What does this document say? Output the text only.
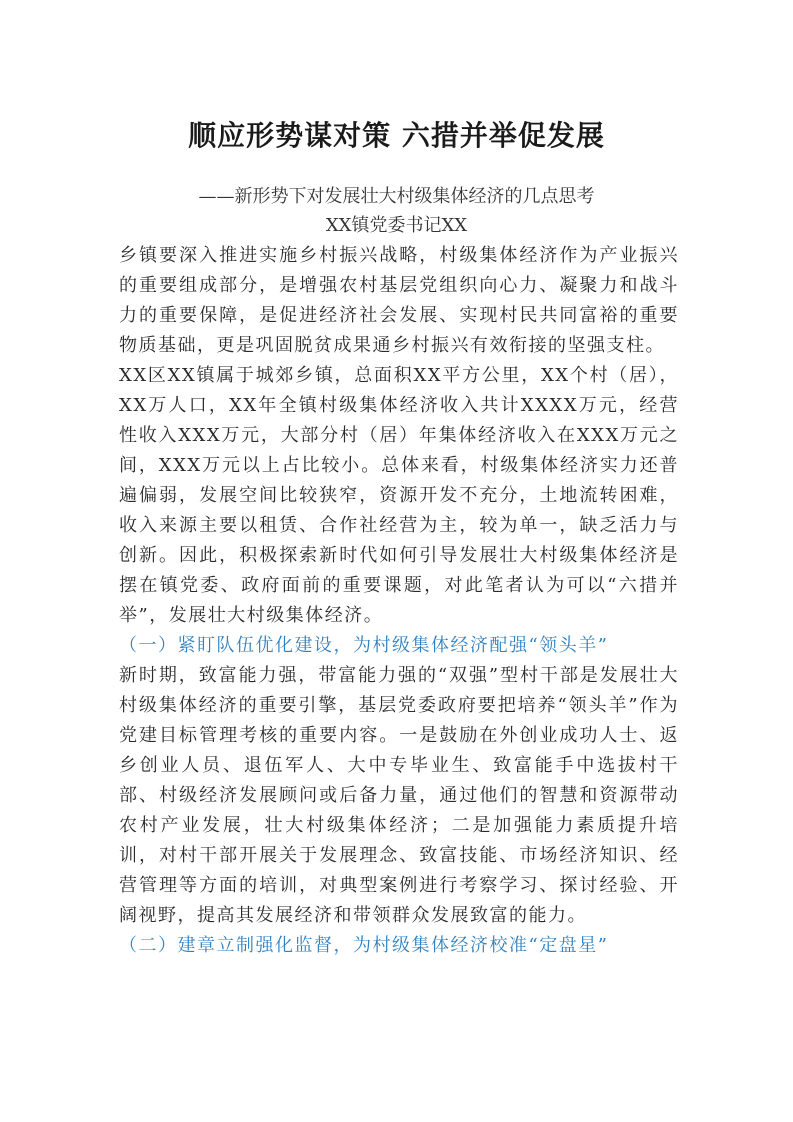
顺应形势谋对策 六措并举促发展
——新形势下对发展壮大村级集体经济的几点思考
XX镇党委书记XX

乡镇要深入推进实施乡村振兴战略，村级集体经济作为产业振兴的重要组成部分，是增强农村基层党组织向心力、凝聚力和战斗力的重要保障，是促进经济社会发展、实现村民共同富裕的重要物质基础，更是巩固脱贫成果通乡村振兴有效衔接的坚强支柱。

XX区XX镇属于城郊乡镇，总面积XX平方公里，XX个村（居），XX万人口，XX年全镇村级集体经济收入共计XXXX万元，经营性收入XXX万元，大部分村（居）年集体经济收入在XXX万元之间，XXX万元以上占比较小。总体来看，村级集体经济实力还普遍偏弱，发展空间比较狭窄，资源开发不充分，土地流转困难，收入来源主要以租赁、合作社经营为主，较为单一，缺乏活力与创新。因此，积极探索新时代如何引导发展壮大村级集体经济是摆在镇党委、政府面前的重要课题，对此笔者认为可以“六措并举”，发展壮大村级集体经济。

（一）紧盯队伍优化建设，为村级集体经济配强“领头羊”

新时期，致富能力强，带富能力强的“双强”型村干部是发展壮大村级集体经济的重要引擎，基层党委政府要把培养“领头羊”作为党建目标管理考核的重要内容。一是鼓励在外创业成功人士、返乡创业人员、退伍军人、大中专毕业生、致富能手中选拔村干部、村级经济发展顾问或后备力量，通过他们的智慧和资源带动农村产业发展，壮大村级集体经济；二是加强能力素质提升培训，对村干部开展关于发展理念、致富技能、市场经济知识、经营管理等方面的培训，对典型案例进行考察学习、探讨经验、开阔视野，提高其发展经济和带领群众发展致富的能力。

（二）建章立制强化监督，为村级集体经济校准“定盘星”
